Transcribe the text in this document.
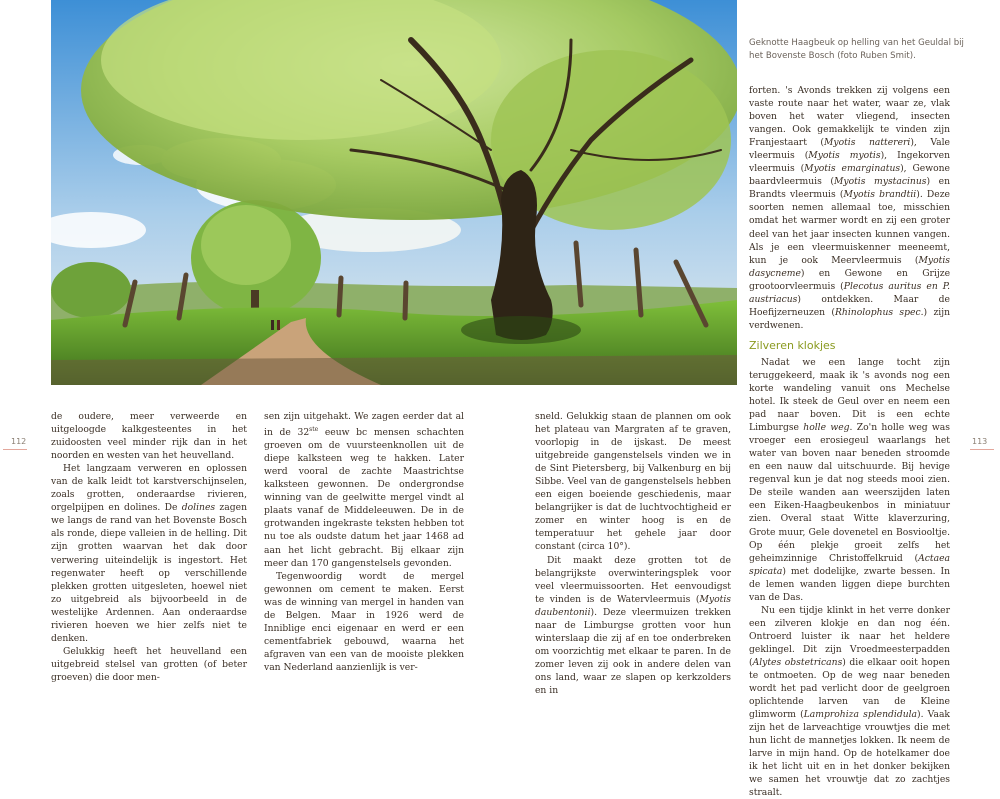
Geknotte Haagbeuk op helling van het Geuldal bij het Bovenste Bosch (foto Ruben Smit).

112	113

de oudere, meer verweerde en uitgeloogde kalkgesteentes in het zuidoosten veel minder rijk dan in het noorden en westen van het heuvelland.

Het langzaam verweren en oplossen van de kalk leidt tot karstverschijnselen, zoals grotten, onderaardse rivieren, orgelpijpen en dolines. De dolines zagen we langs de rand van het Bovenste Bosch als ronde, diepe valleien in de helling. Dit zijn grotten waarvan het dak door verwering uiteindelijk is ingestort. Het regenwater heeft op verschillende plekken grotten uitgesleten, hoewel niet zo uitgebreid als bijvoorbeeld in de westelijke Ardennen. Aan onderaardse rivieren hoeven we hier zelfs niet te denken.

Gelukkig heeft het heuvelland een uitgebreid stelsel van grotten (of beter groeven) die door men-

sen zijn uitgehakt. We zagen eerder dat al in de 32ste eeuw bc mensen schachten groeven om de vuursteenknollen uit de diepe kalksteen weg te hakken. Later werd vooral de zachte Maastrichtse kalksteen gewonnen. De ondergrondse winning van de geelwitte mergel vindt al plaats vanaf de Middeleeuwen. De in de grotwanden ingekraste teksten hebben tot nu toe als oudste datum het jaar 1468 ad aan het licht gebracht. Bij elkaar zijn meer dan 170 gangenstelsels gevonden.

Tegenwoordig wordt de mergel gewonnen om cement te maken. Eerst was de winning van mergel in handen van de Belgen. Maar in 1926 werd de Inniblige enci eigenaar en werd er een cementfabriek gebouwd, waarna het afgraven van een van de mooiste plekken van Nederland aanzienlijk is ver-

sneld. Gelukkig staan de plannen om ook het plateau van Margraten af te graven, voorlopig in de ijskast. De meest uitgebreide gangenstelsels vinden we in de Sint Pietersberg, bij Valkenburg en bij Sibbe. Veel van de gangenstelsels hebben een eigen boeiende geschiedenis, maar belangrijker is dat de luchtvochtigheid er zomer en winter hoog is en de temperatuur het gehele jaar door constant (circa 10°).

Dit maakt deze grotten tot de belangrijkste overwinteringsplek voor veel vleermuissoorten. Het eenvoudigst te vinden is de Watervleermuis (Myotis daubentonii). Deze vleermuizen trekken naar de Limburgse grotten voor hun winterslaap die zij af en toe onderbreken om voorzichtig met elkaar te paren. In de zomer leven zij ook in andere delen van ons land, waar ze slapen op kerkzolders en in

forten. 's Avonds trekken zij volgens een vaste route naar het water, waar ze, vlak boven het water vliegend, insecten vangen. Ook gemakkelijk te vinden zijn Franjestaart (Myotis nattereri), Vale vleermuis (Myotis myotis), Ingekorven vleermuis (Myotis emarginatus), Gewone baardvleermuis (Myotis mystacinus) en Brandts vleermuis (Myotis brandtii). Deze soorten nemen allemaal toe, misschien omdat het warmer wordt en zij een groter deel van het jaar insecten kunnen vangen. Als je een vleermuiskenner meeneemt, kun je ook Meervleermuis (Myotis dasycneme) en Gewone en Grijze grootoorvleermuis (Plecotus auritus en P. austriacus) ontdekken. Maar de Hoefijzerneuzen (Rhinolophus spec.) zijn verdwenen.

Zilveren klokjes

Nadat we een lange tocht zijn teruggekeerd, maak ik 's avonds nog een korte wandeling vanuit ons Mechelse hotel. Ik steek de Geul over en neem een pad naar boven. Dit is een echte Limburgse holle weg. Zo'n holle weg was vroeger een erosiegeul waarlangs het water van boven naar beneden stroomde en een nauw dal uitschuurde. Bij hevige regenval kun je dat nog steeds mooi zien. De steile wanden aan weerszijden laten een Eiken-Haagbeukenbos in miniatuur zien. Overal staat Witte klaverzuring, Grote muur, Gele dovenetel en Bosviooltje. Op één plekje groeit zelfs het geheimzinnige Christoffelkruid (Actaea spicata) met dodelijke, zwarte bessen. In de lemen wanden liggen diepe burchten van de Das.

Nu een tijdje klinkt in het verre donker een zilveren klokje en dan nog één. Ontroerd luister ik naar het heldere geklingel. Dit zijn Vroedmeesterpadden (Alytes obstetricans) die elkaar ooit hopen te ontmoeten. Op de weg naar beneden wordt het pad verlicht door de geelgroen oplichtende larven van de Kleine glimworm (Lamprohiza splendidula). Vaak zijn het de larveachtige vrouwtjes die met hun licht de mannetjes lokken. Ik neem de larve in mijn hand. Op de hotelkamer doe ik het licht uit en in het donker bekijken we samen het vrouwtje dat zo zachtjes straalt.
